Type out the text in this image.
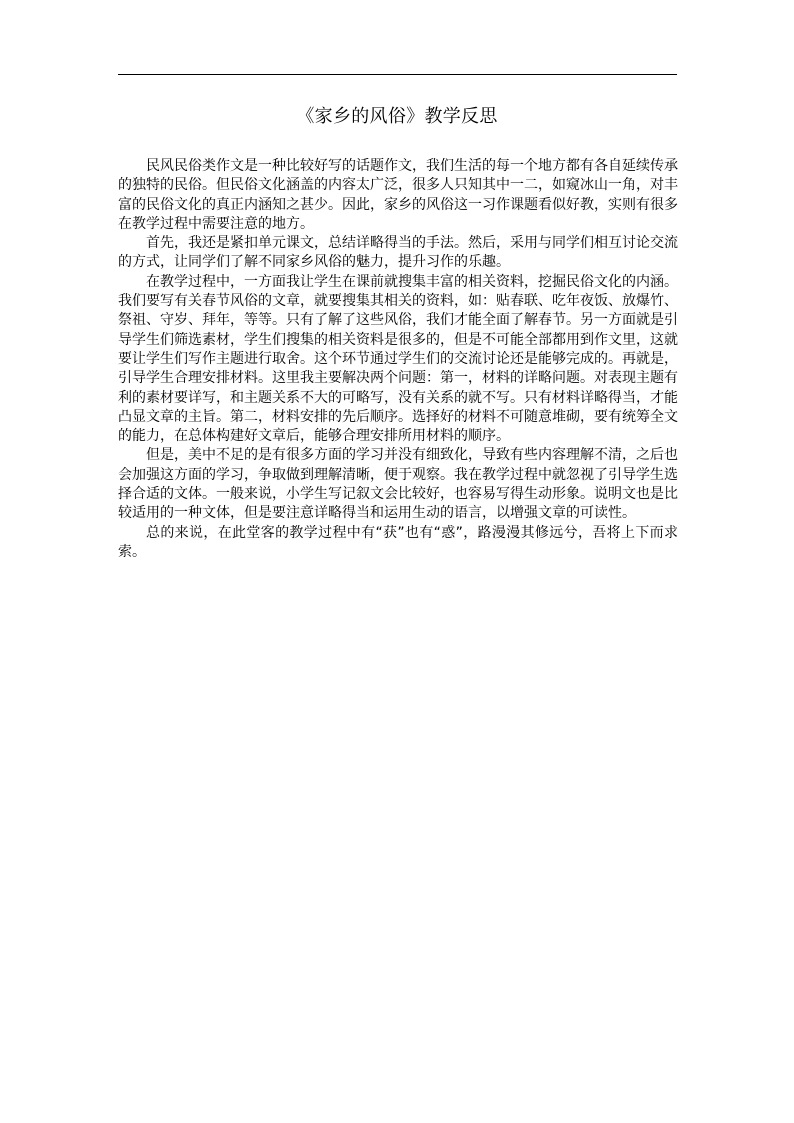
《家乡的风俗》教学反思

民风民俗类作文是一种比较好写的话题作文，我们生活的每一个地方都有各自延续传承的独特的民俗。但民俗文化涵盖的内容太广泛，很多人只知其中一二，如窥冰山一角，对丰富的民俗文化的真正内涵知之甚少。因此，家乡的风俗这一习作课题看似好教，实则有很多在教学过程中需要注意的地方。

首先，我还是紧扣单元课文，总结详略得当的手法。然后，采用与同学们相互讨论交流的方式，让同学们了解不同家乡风俗的魅力，提升习作的乐趣。

在教学过程中，一方面我让学生在课前就搜集丰富的相关资料，挖掘民俗文化的内涵。我们要写有关春节风俗的文章，就要搜集其相关的资料，如：贴春联、吃年夜饭、放爆竹、祭祖、守岁、拜年，等等。只有了解了这些风俗，我们才能全面了解春节。另一方面就是引导学生们筛选素材，学生们搜集的相关资料是很多的，但是不可能全部都用到作文里，这就要让学生们写作主题进行取舍。这个环节通过学生们的交流讨论还是能够完成的。再就是，引导学生合理安排材料。这里我主要解决两个问题：第一，材料的详略问题。对表现主题有利的素材要详写，和主题关系不大的可略写，没有关系的就不写。只有材料详略得当，才能凸显文章的主旨。第二，材料安排的先后顺序。选择好的材料不可随意堆砌，要有统筹全文的能力，在总体构建好文章后，能够合理安排所用材料的顺序。

但是，美中不足的是有很多方面的学习并没有细致化，导致有些内容理解不清，之后也会加强这方面的学习，争取做到理解清晰，便于观察。我在教学过程中就忽视了引导学生选择合适的文体。一般来说，小学生写记叙文会比较好，也容易写得生动形象。说明文也是比较适用的一种文体，但是要注意详略得当和运用生动的语言，以增强文章的可读性。

总的来说，在此堂客的教学过程中有“获”也有“惑”，路漫漫其修远兮，吾将上下而求索。
